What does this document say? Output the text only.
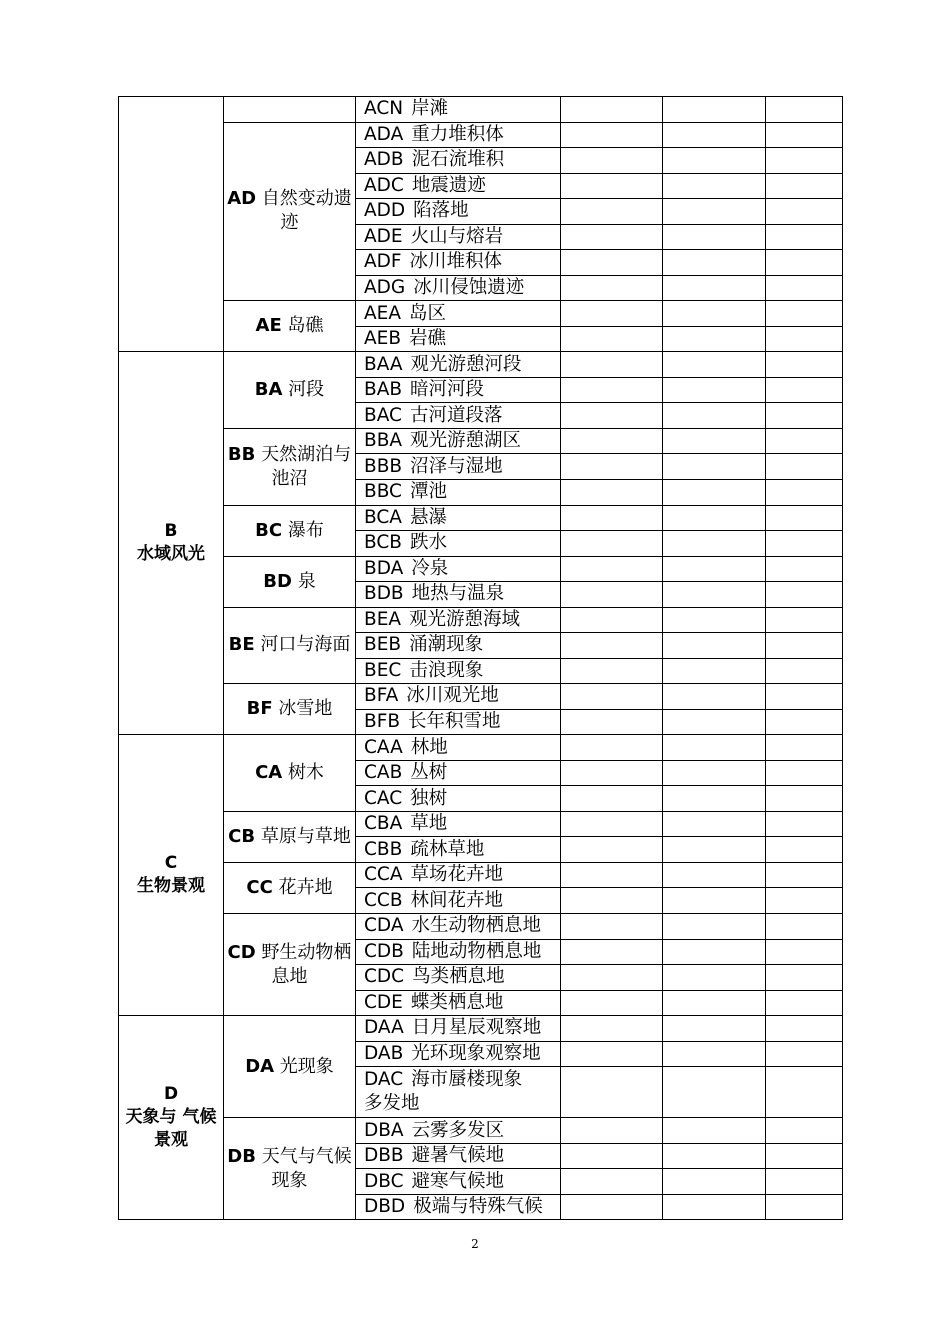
		ACN 岸滩			
	AD 自然变动遗迹	ADA 重力堆积体			
		ADB 泥石流堆积			
		ADC 地震遗迹			
		ADD 陷落地			
		ADE 火山与熔岩			
		ADF 冰川堆积体			
		ADG 冰川侵蚀遗迹			
	AE 岛礁	AEA 岛区			
		AEB 岩礁			

B
水域风光	BA 河段	BAA 观光游憩河段			
		BAB 暗河河段			
		BAC 古河道段落			
	BB 天然湖泊与池沼	BBA 观光游憩湖区			
		BBB 沼泽与湿地			
		BBC 潭池			
	BC 瀑布	BCA 悬瀑			
		BCB 跌水			
	BD 泉	BDA 冷泉			
		BDB 地热与温泉			
	BE 河口与海面	BEA 观光游憩海域			
		BEB 涌潮现象			
		BEC 击浪现象			
	BF 冰雪地	BFA 冰川观光地			
		BFB 长年积雪地			

C
生物景观	CA 树木	CAA 林地			
		CAB 丛树			
		CAC 独树			
	CB 草原与草地	CBA 草地			
		CBB 疏林草地			
	CC 花卉地	CCA 草场花卉地			
		CCB 林间花卉地			
	CD 野生动物栖息地	CDA 水生动物栖息地			
		CDB 陆地动物栖息地			
		CDC 鸟类栖息地			
		CDE 蝶类栖息地			

D
天象与 气候景观	DA 光现象	DAA 日月星辰观察地			
		DAB 光环现象观察地			

		DAC 海市蜃楼现象多发地			

	DB 天气与气候现象	DBA 云雾多发区			
		DBB 避暑气候地			
		DBC 避寒气候地			
		DBD 极端与特殊气候			
2
